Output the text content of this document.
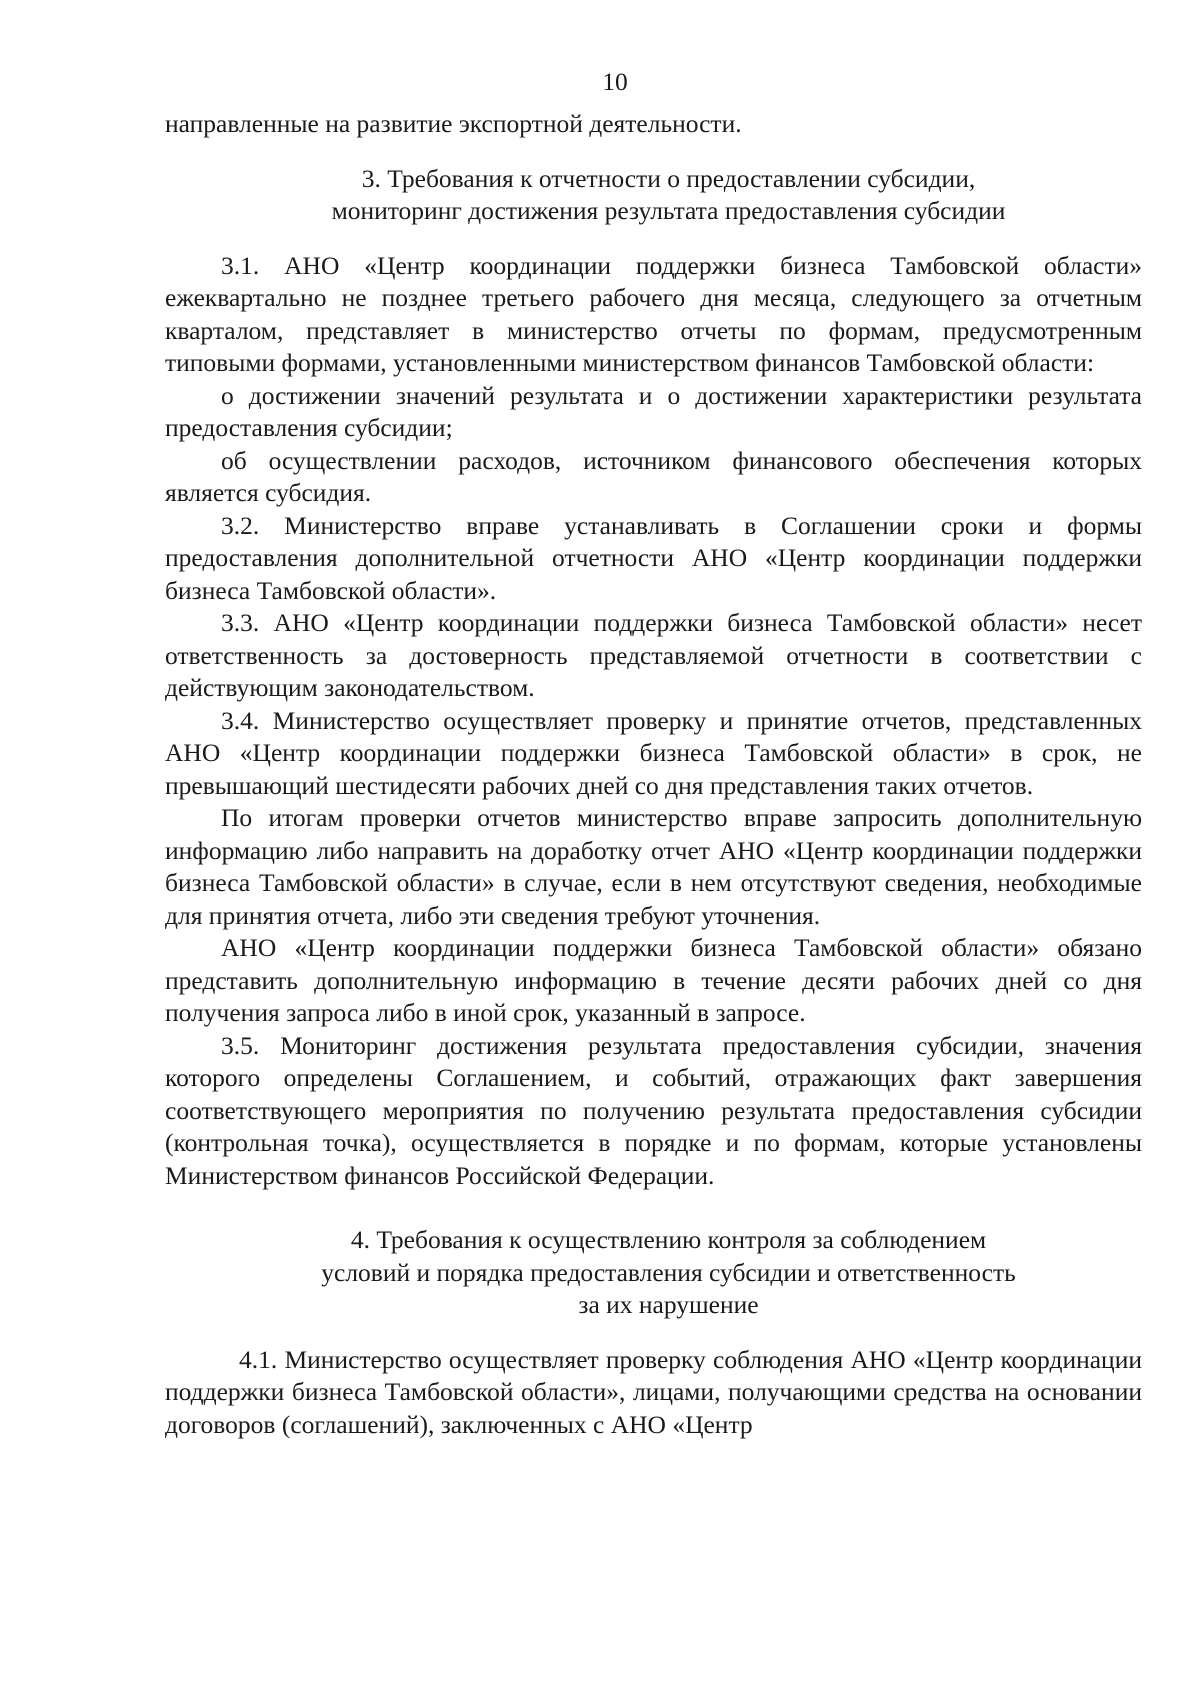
10

направленные на развитие экспортной деятельности.

3. Требования к отчетности о предоставлении субсидии,
мониторинг достижения результата предоставления субсидии

3.1. АНО «Центр координации поддержки бизнеса Тамбовской области» ежеквартально не позднее третьего рабочего дня месяца, следующего за отчетным кварталом, представляет в министерство отчеты по формам, предусмотренным типовыми формами, установленными министерством финансов Тамбовской области:

о достижении значений результата и о достижении характеристики результата предоставления субсидии;

об осуществлении расходов, источником финансового обеспечения которых является субсидия.

3.2. Министерство вправе устанавливать в Соглашении сроки и формы предоставления дополнительной отчетности АНО «Центр координации поддержки бизнеса Тамбовской области».

3.3. АНО «Центр координации поддержки бизнеса Тамбовской области» несет ответственность за достоверность представляемой отчетности в соответствии с действующим законодательством.

3.4. Министерство осуществляет проверку и принятие отчетов, представленных АНО «Центр координации поддержки бизнеса Тамбовской области» в срок, не превышающий шестидесяти рабочих дней со дня представления таких отчетов.

По итогам проверки отчетов министерство вправе запросить дополнительную информацию либо направить на доработку отчет АНО «Центр координации поддержки бизнеса Тамбовской области» в случае, если в нем отсутствуют сведения, необходимые для принятия отчета, либо эти сведения требуют уточнения.

АНО «Центр координации поддержки бизнеса Тамбовской области» обязано представить дополнительную информацию в течение десяти рабочих дней со дня получения запроса либо в иной срок, указанный в запросе.

3.5. Мониторинг достижения результата предоставления субсидии, значения которого определены Соглашением, и событий, отражающих факт завершения соответствующего мероприятия по получению результата предоставления субсидии (контрольная точка), осуществляется в порядке и по формам, которые установлены Министерством финансов Российской Федерации.

4. Требования к осуществлению контроля за соблюдением
условий и порядка предоставления субсидии и ответственность
за их нарушение

4.1. Министерство осуществляет проверку соблюдения АНО «Центр координации поддержки бизнеса Тамбовской области», лицами, получающими средства на основании договоров (соглашений), заключенных с АНО «Центр
